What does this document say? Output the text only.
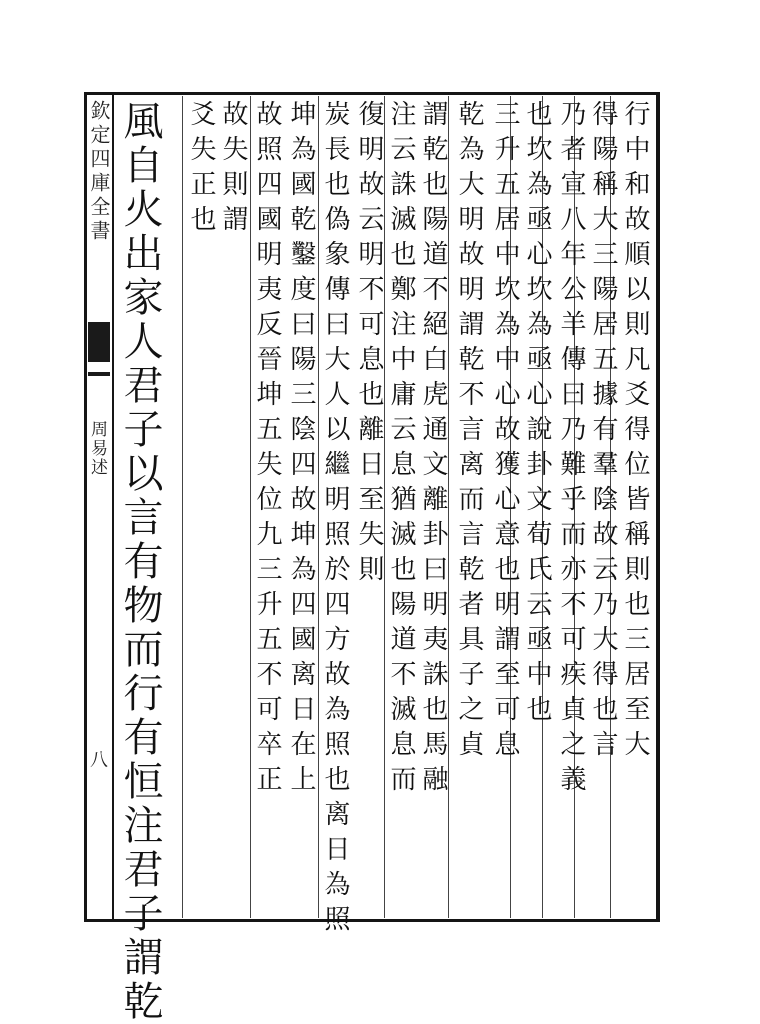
欽定四庫全書
周易述
八	行中和故順以則凡爻得位皆稱則也三居至大
得陽稱大三陽居五據有羣陰故云乃大得也言
乃者宣八年公羊傳曰乃難乎而亦不可疾貞之義
也坎為亟心坎為亟心說卦文荀氏云亟中也
三升五居中坎為中心故獲心意也明謂至可息
謂乾也陽道不絕白虎通文離卦曰明夷誅也馬融
注云誅滅也鄭注中庸云息猶滅也陽道不滅息而 乾為大明故明謂乾不言离而言乾者具子之貞
復明故云明不可息也離日至失則
炭長也偽象傳曰大人以繼明照於四方故為照也离日為照
坤為國乾鑿度曰陽三陰四故坤為四國离日在上
故照四國明夷反晉坤五失位九三升五不可卒正
故失則謂
爻失正也
風自火出家人君子以言有物而行有恒注君子謂乾
